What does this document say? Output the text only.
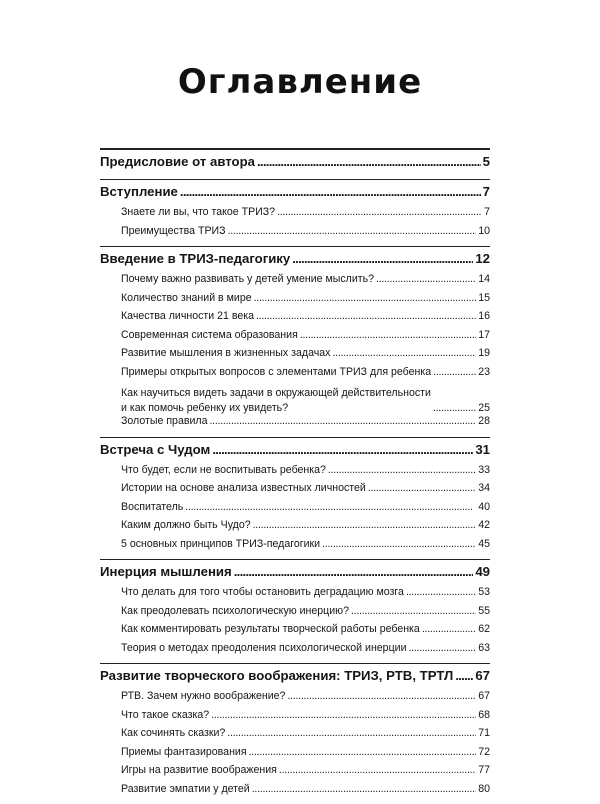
Оглавление
Предисловие от автора . . .	5
Вступление . . .	7
Знаете ли вы, что такое ТРИЗ? . . .	7
Преимущества ТРИЗ . . .	10
Введение в ТРИЗ-педагогику . . .	12
Почему важно развивать у детей умение мыслить? . . .	14
Количество знаний в мире . . .	15
Качества личности 21 века . . .	16
Современная система образования . . .	17
Развитие мышления в жизненных задачах . . .	19
Примеры открытых вопросов с элементами ТРИЗ для ребенка . . .	23
Как научиться видеть задачи в окружающей действительности
и как помочь ребенку их увидеть? . . .	25
Золотые правила . . .	28
Встреча с Чудом . . .	31
Что будет, если не воспитывать ребенка? . . .	33
Истории на основе анализа известных личностей . . .	34
Воспитатель . . .	40
Каким должно быть Чудо? . . .	42
5 основных принципов ТРИЗ-педагогики . . .	45
Инерция мышления . . .	49
Что делать для того чтобы остановить деградацию мозга . . .	53
Как преодолевать психологическую инерцию? . . .	55
Как комментировать результаты творческой работы ребенка . . .	62
Теория о методах преодоления психологической инерции . . .	63
Развитие творческого воображения: ТРИЗ, РТВ, ТРТЛ . . . 67
РТВ. Зачем нужно воображение? . . .	67
Что такое сказка? . . .	68
Как сочинять сказки? . . .	71
Приемы фантазирования . . .	72
Игры на развитие воображения . . .	77
Развитие эмпатии у детей . . .	80
